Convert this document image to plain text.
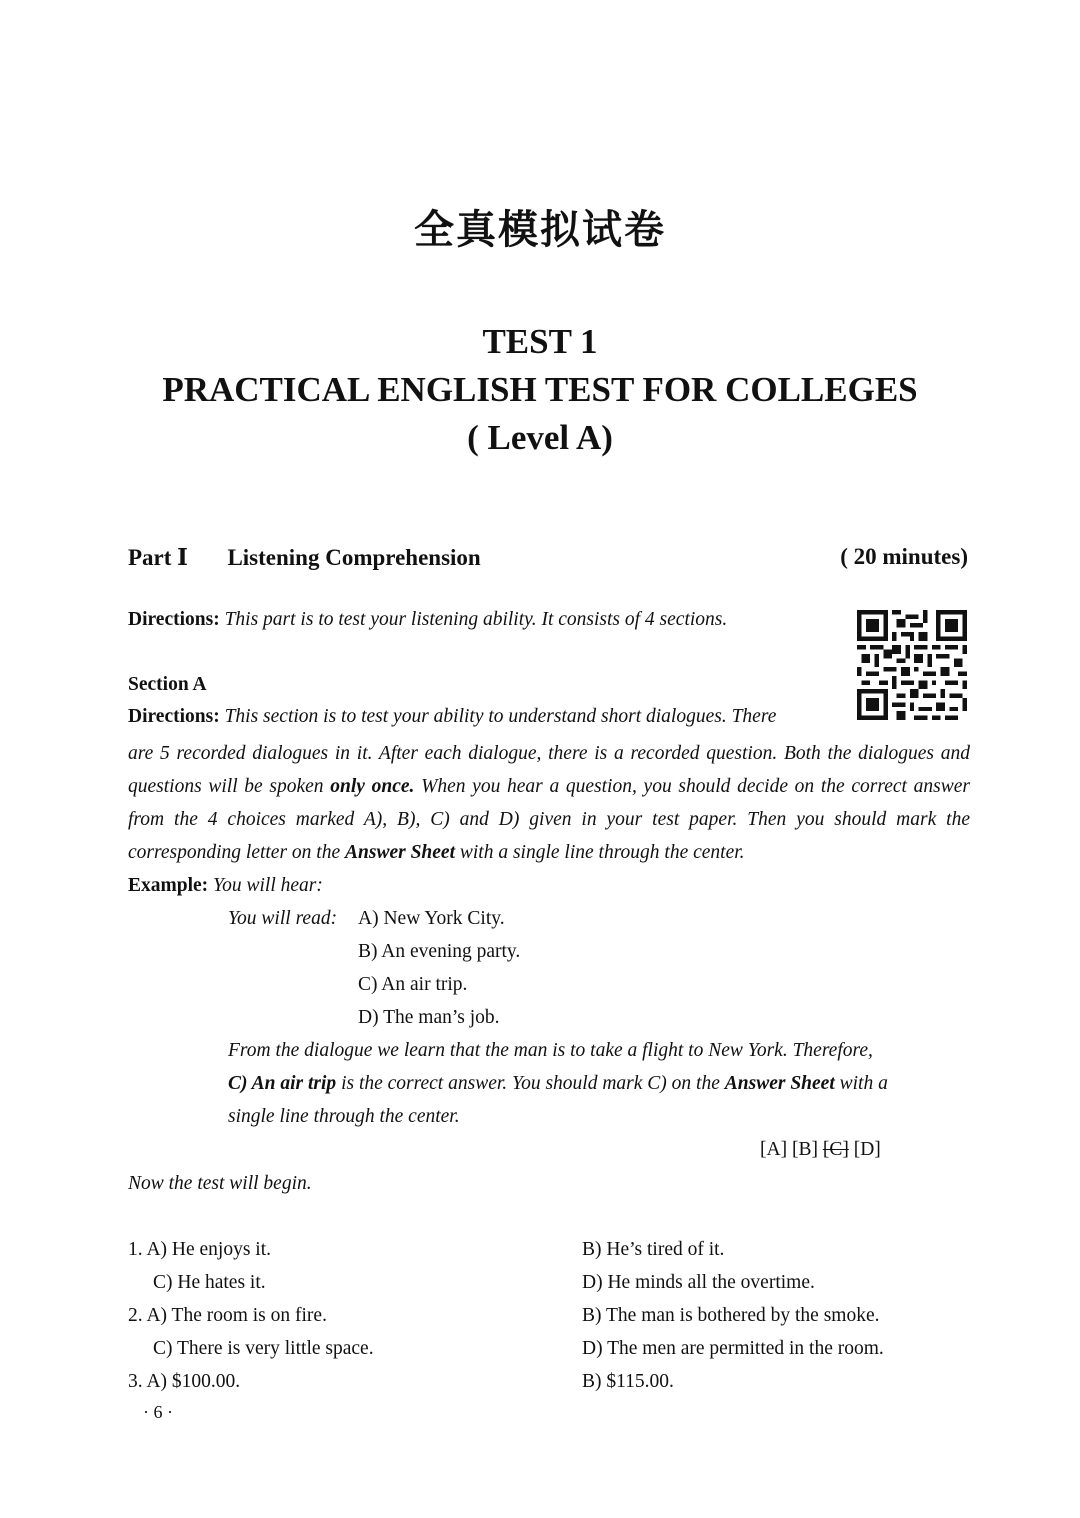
全真模拟试卷
TEST 1
PRACTICAL ENGLISH TEST FOR COLLEGES
( Level A)
Part Ⅰ Listening Comprehension	( 20 minutes)
Directions: This part is to test your listening ability. It consists of 4 sections.
Section A
Directions: This section is to test your ability to understand short dialogues. There
are 5 recorded dialogues in it. After each dialogue, there is a recorded question. Both the dialogues and questions will be spoken only once. When you hear a question, you should decide on the correct answer from the 4 choices marked A), B), C) and D) given in your test paper. Then you should mark the corresponding letter on the Answer Sheet with a single line through the center.
Example: You will hear:
You will read: A) New York City.
B) An evening party.
C) An air trip.
D) The man’s job.
From the dialogue we learn that the man is to take a flight to New York. Therefore,
C) An air trip is the correct answer. You should mark C) on the Answer Sheet with a
single line through the center.
[A] [B] [C] [D]
Now the test will begin.
1. A) He enjoys it.	B) He’s tired of it.
C) He hates it.	D) He minds all the overtime.
2. A) The room is on fire.	B) The man is bothered by the smoke.
C) There is very little space.	D) The men are permitted in the room.
3. A) $100.00.	B) $115.00.
· 6 ·
